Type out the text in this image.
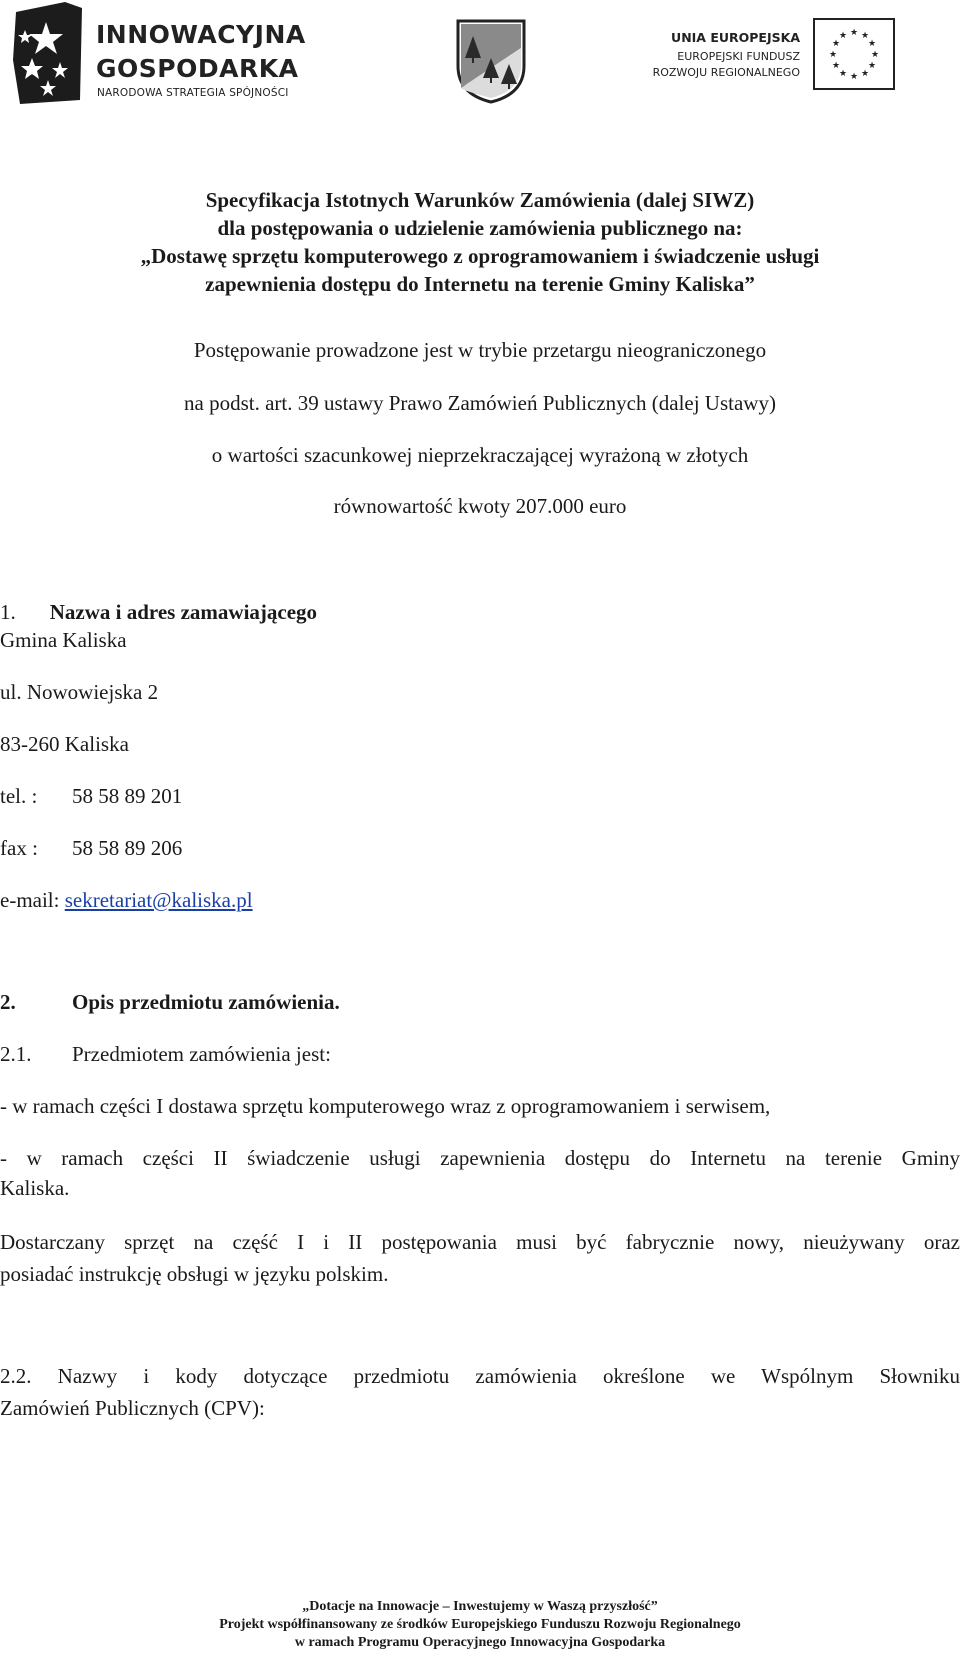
INNOWACYJNA
GOSPODARKA
NARODOWA STRATEGIA SPÓJNOŚCI
UNIA EUROPEJSKA
EUROPEJSKI FUNDUSZ
ROZWOJU REGIONALNEGO
★ ★
★
★
★
★
★
★
★
★
★
★
Specyfikacja Istotnych Warunków Zamówienia (dalej SIWZ)
dla postępowania o udzielenie zamówienia publicznego na:
„Dostawę sprzętu komputerowego z oprogramowaniem i świadczenie usługi
zapewnienia dostępu do Internetu na terenie Gminy Kaliska”
Postępowanie prowadzone jest w trybie przetargu nieograniczonego
na podst. art. 39 ustawy Prawo Zamówień Publicznych (dalej Ustawy)
o wartości szacunkowej nieprzekraczającej wyrażoną w złotych
równowartość kwoty 207.000 euro
1. Nazwa i adres zamawiającego
Gmina Kaliska
ul. Nowowiejska 2
83-260 Kaliska
tel. : 58 58 89 201
fax : 58 58 89 206
e-mail: sekretariat@kaliska.pl
2.	Opis przedmiotu zamówienia.
2.1. Przedmiotem zamówienia jest:
- w ramach części I dostawa sprzętu komputerowego wraz z oprogramowaniem i serwisem,
- w ramach części II świadczenie usługi zapewnienia dostępu do Internetu na terenie Gminy
Kaliska.
Dostarczany sprzęt na część I i II postępowania musi być fabrycznie nowy, nieużywany oraz
posiadać instrukcję obsługi w języku polskim.
2.2. Nazwy i kody dotyczące przedmiotu zamówienia określone we Wspólnym Słowniku
Zamówień Publicznych (CPV):
„Dotacje na Innowacje – Inwestujemy w Waszą przyszłość”
Projekt współfinansowany ze środków Europejskiego Funduszu Rozwoju Regionalnego
w ramach Programu Operacyjnego Innowacyjna Gospodarka
